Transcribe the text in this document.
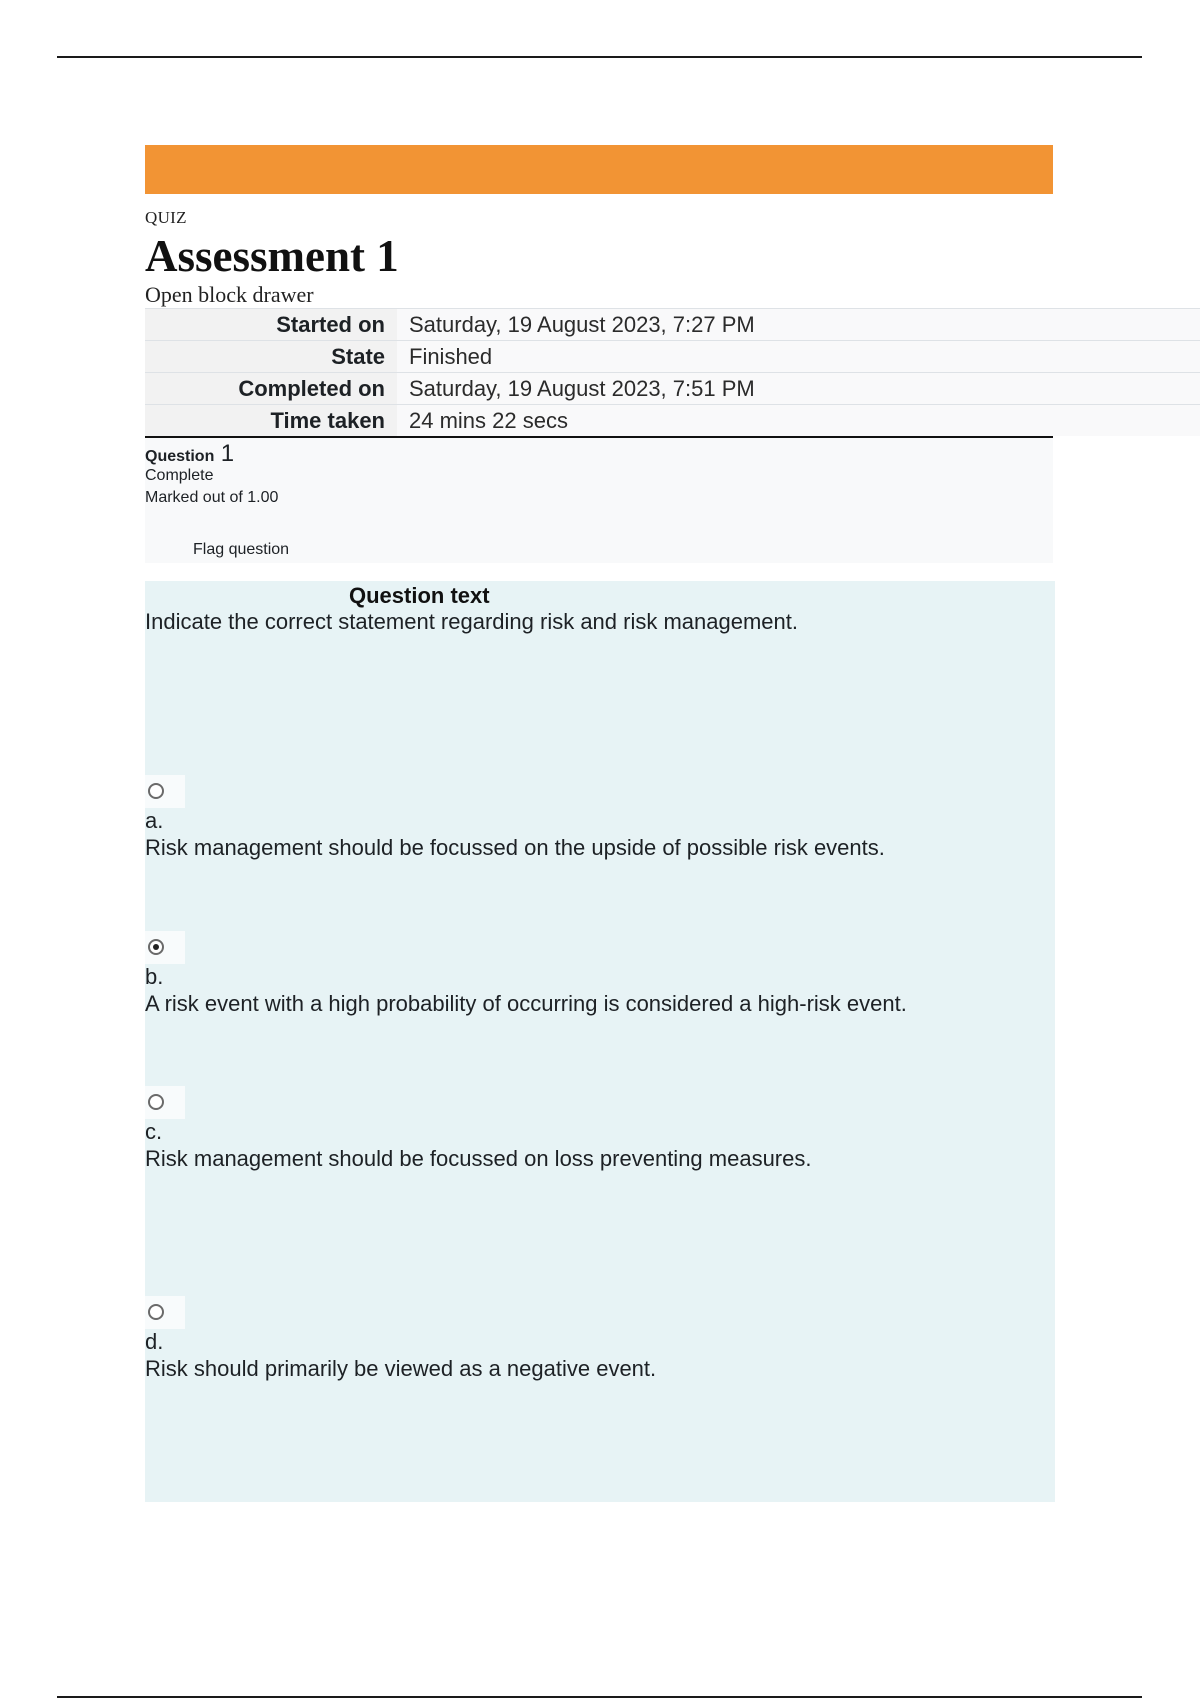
QUIZ
Assessment 1
Open block drawer
Started on	Saturday, 19 August 2023, 7:27 PM
State	Finished
Completed on	Saturday, 19 August 2023, 7:51 PM
Time taken	24 mins 22 secs
Question 1
Complete
Marked out of 1.00
Flag question
Question text
Indicate the correct statement regarding risk and risk management.
a.
Risk management should be focussed on the upside of possible risk events.
b.
A risk event with a high probability of occurring is considered a high-risk event.
c.
Risk management should be focussed on loss preventing measures.
d.
Risk should primarily be viewed as a negative event.
